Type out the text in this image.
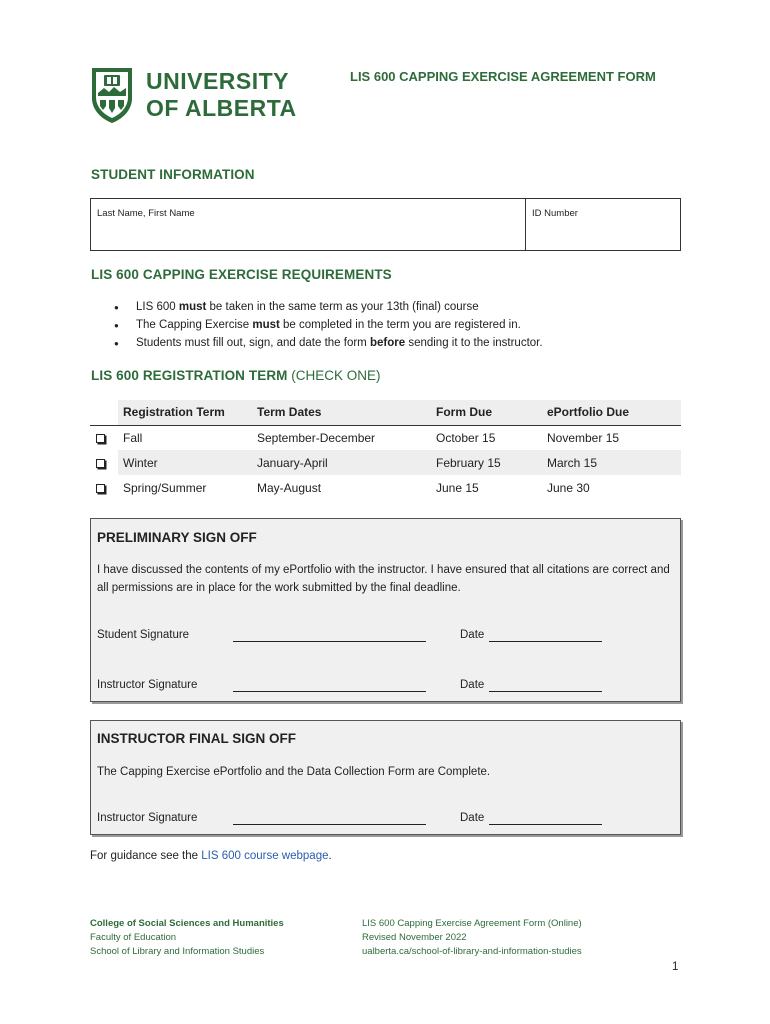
UNIVERSITY
OF ALBERTA
LIS 600 CAPPING EXERCISE AGREEMENT FORM
STUDENT INFORMATION
Last Name, First Name	ID Number
LIS 600 CAPPING EXERCISE REQUIREMENTS
● LIS 600 must be taken in the same term as your 13th (final) course
● The Capping Exercise must be completed in the term you are registered in.
● Students must fill out, sign, and date the form before sending it to the instructor.
LIS 600 REGISTRATION TERM (CHECK ONE)
	Registration Term	Term Dates	Form Due	ePortfolio Due
	Fall	September-December	October 15	November 15
	Winter	January-April	February 15	March 15
	Spring/Summer	May-August	June 15	June 30
PRELIMINARY SIGN OFF
I have discussed the contents of my ePortfolio with the instructor. I have ensured that all citations are correct and all permissions are in place for the work submitted by the final deadline.
Student Signature	Date
Instructor Signature	Date
INSTRUCTOR FINAL SIGN OFF
The Capping Exercise ePortfolio and the Data Collection Form are Complete.
Instructor Signature	Date
For guidance see the LIS 600 course webpage.
College of Social Sciences and Humanities
Faculty of Education
School of Library and Information Studies
LIS 600 Capping Exercise Agreement Form (Online)
Revised November 2022
ualberta.ca/school-of-library-and-information-studies
1
